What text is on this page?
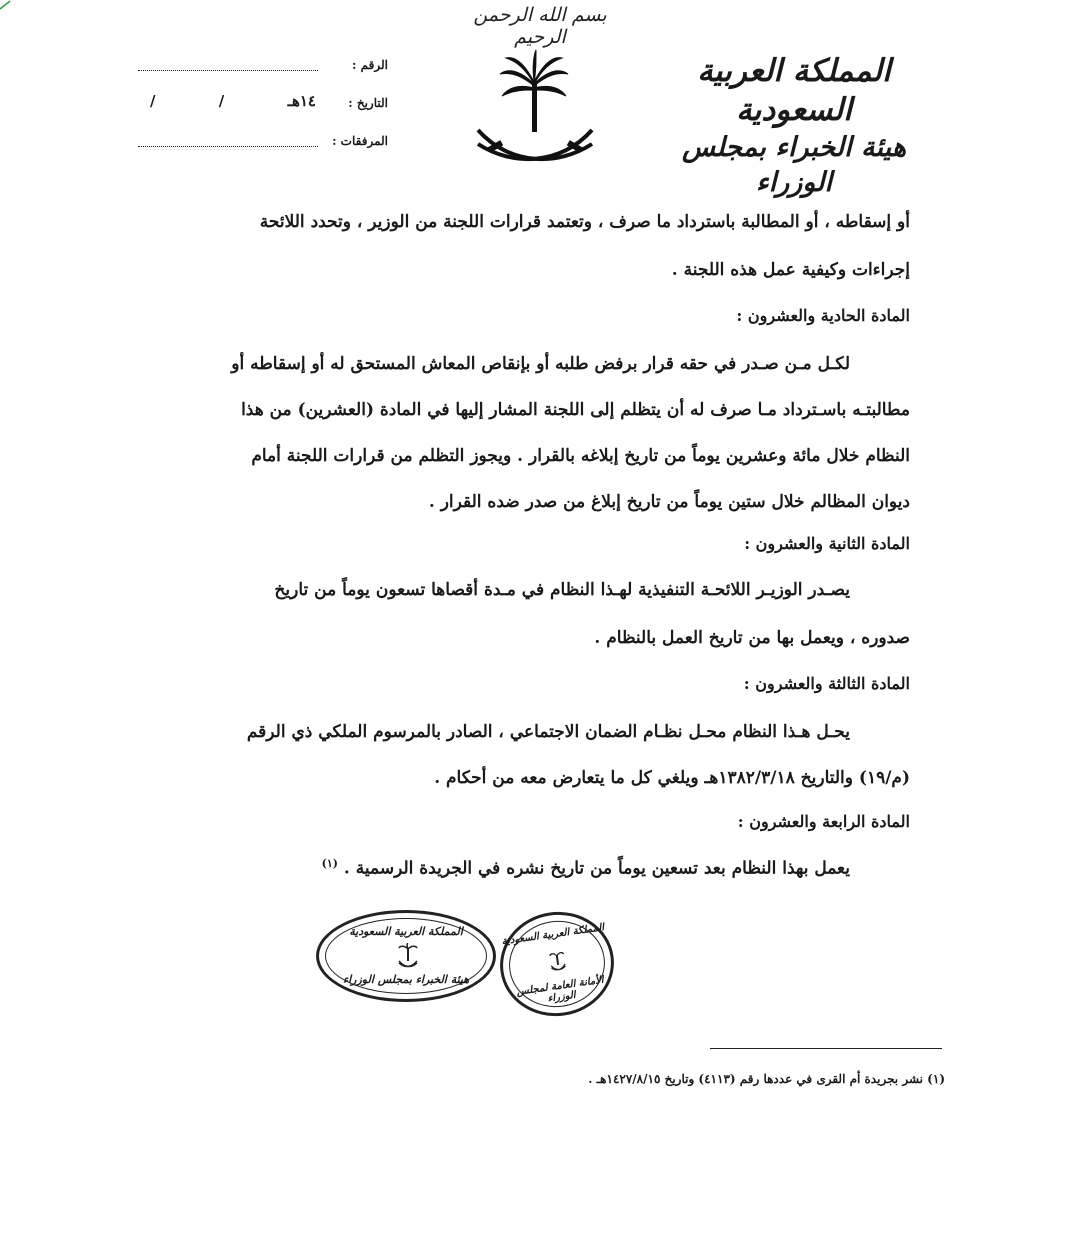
بسم الله الرحمن الرحيم
المملكة العربية السعودية
هيئة الخبراء بمجلس الوزراء
الرقم :
التاريخ :
١٤هـ
/
/
المرفقات :
أو إسقاطه ، أو المطالبة باسترداد ما صرف ، وتعتمد قرارات اللجنة من الوزير ، وتحدد اللائحة
إجراءات وكيفية عمل هذه اللجنة .
المادة الحادية والعشرون :
لكـل مـن صـدر في حقه قرار برفض طلبه أو بإنقاص المعاش المستحق له أو إسقاطه أو
مطالبتـه باسـترداد مـا صرف له أن يتظلم إلى اللجنة المشار إليها في المادة (العشرين) من هذا
النظام خلال مائة وعشرين يوماً من تاريخ إبلاغه بالقرار . ويجوز التظلم من قرارات اللجنة أمام
ديوان المظالم خلال ستين يوماً من تاريخ إبلاغ من صدر ضده القرار .
المادة الثانية والعشرون :
يصـدر الوزيـر اللائحـة التنفيذية لهـذا النظام في مـدة أقصاها تسعون يوماً من تاريخ
صدوره ، ويعمل بها من تاريخ العمل بالنظام .
المادة الثالثة والعشرون :
يحـل هـذا النظام محـل نظـام الضمان الاجتماعي ، الصادر بالمرسوم الملكي ذي الرقم
(م/١٩) والتاريخ ١٣٨٢/٣/١٨هـ ويلغي كل ما يتعارض معه من أحكام .
المادة الرابعة والعشرون :
يعمل بهذا النظام بعد تسعين يوماً من تاريخ نشره في الجريدة الرسمية . $^{(١)}$
المملكة العربية السعودية
هيئة الخبراء بمجلس الوزراء
المملكة العربية السعودية
الأمانة العامة لمجلس الوزراء
(١) نشر بجريدة أم القرى في عددها رقم (٤١١٣) وتاريخ ١٤٢٧/٨/١٥هـ .
